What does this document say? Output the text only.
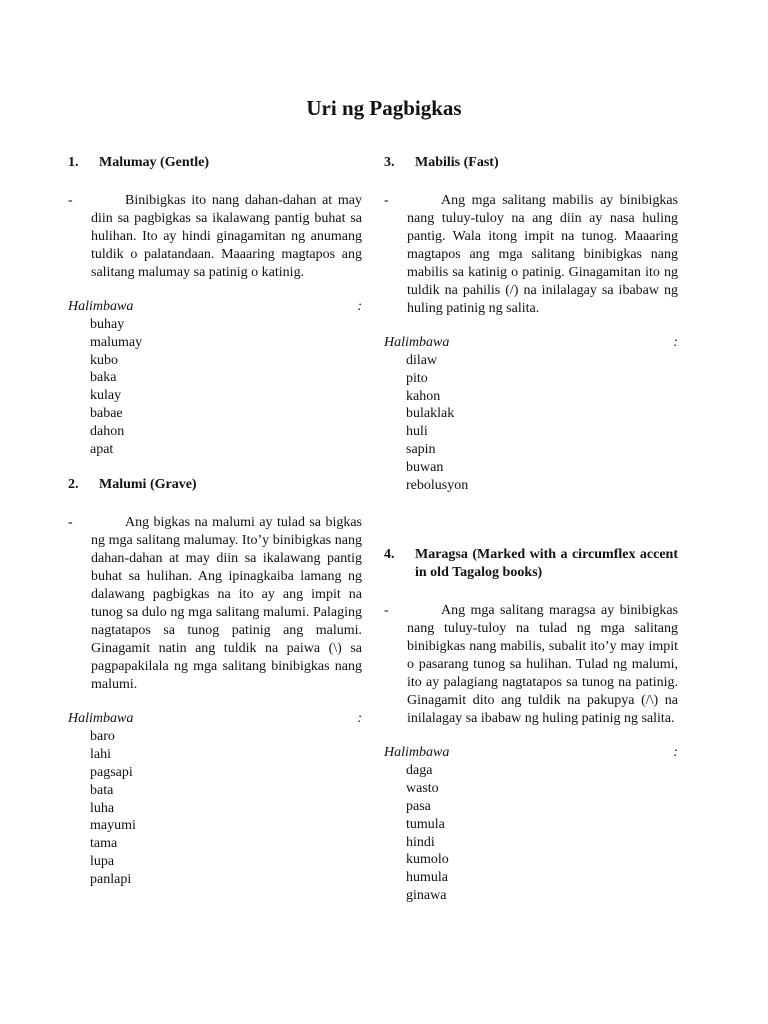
Uri ng Pagbigkas
1.	Malumay (Gentle)
-	Binibigkas ito nang dahan-dahan at may diin sa pagbigkas sa ikalawang pantig buhat sa hulihan. Ito ay hindi ginagamitan ng anumang tuldik o palatandaan. Maaaring magtapos ang salitang malumay sa patinig o katinig.
Halimbawa	:
buhay
malumay
kubo
baka
kulay
babae
dahon
apat
2.	Malumi (Grave)
-	Ang bigkas na malumi ay tulad sa bigkas ng mga salitang malumay. Ito’y binibigkas nang dahan-dahan at may diin sa ikalawang pantig buhat sa hulihan. Ang ipinagkaiba lamang ng dalawang pagbigkas na ito ay ang impit na tunog sa dulo ng mga salitang malumi. Palaging nagtatapos sa tunog patinig ang malumi. Ginagamit natin ang tuldik na paiwa (\) sa pagpapakilala ng mga salitang binibigkas nang malumi.
Halimbawa	:
baro
lahi
pagsapi
bata
luha
mayumi
tama
lupa
panlapi
3.	Mabilis (Fast)
-	Ang mga salitang mabilis ay binibigkas nang tuluy-tuloy na ang diin ay nasa huling pantig. Wala itong impit na tunog. Maaaring magtapos ang mga salitang binibigkas nang mabilis sa katinig o patinig. Ginagamitan ito ng tuldik na pahilis (/) na inilalagay sa ibabaw ng huling patinig ng salita.
Halimbawa	:
dilaw
pito
kahon
bulaklak
huli
sapin
buwan
rebolusyon
4.	Maragsa (Marked with a circumflex accent in old Tagalog books)
-	Ang mga salitang maragsa ay binibigkas nang tuluy-tuloy na tulad ng mga salitang binibigkas nang mabilis, subalit ito’y may impit o pasarang tunog sa hulihan. Tulad ng malumi, ito ay palagiang nagtatapos sa tunog na patinig. Ginagamit dito ang tuldik na pakupya (/\) na inilalagay sa ibabaw ng huling patinig ng salita.
Halimbawa	:
daga
wasto
pasa
tumula
hindi
kumolo
humula
ginawa
